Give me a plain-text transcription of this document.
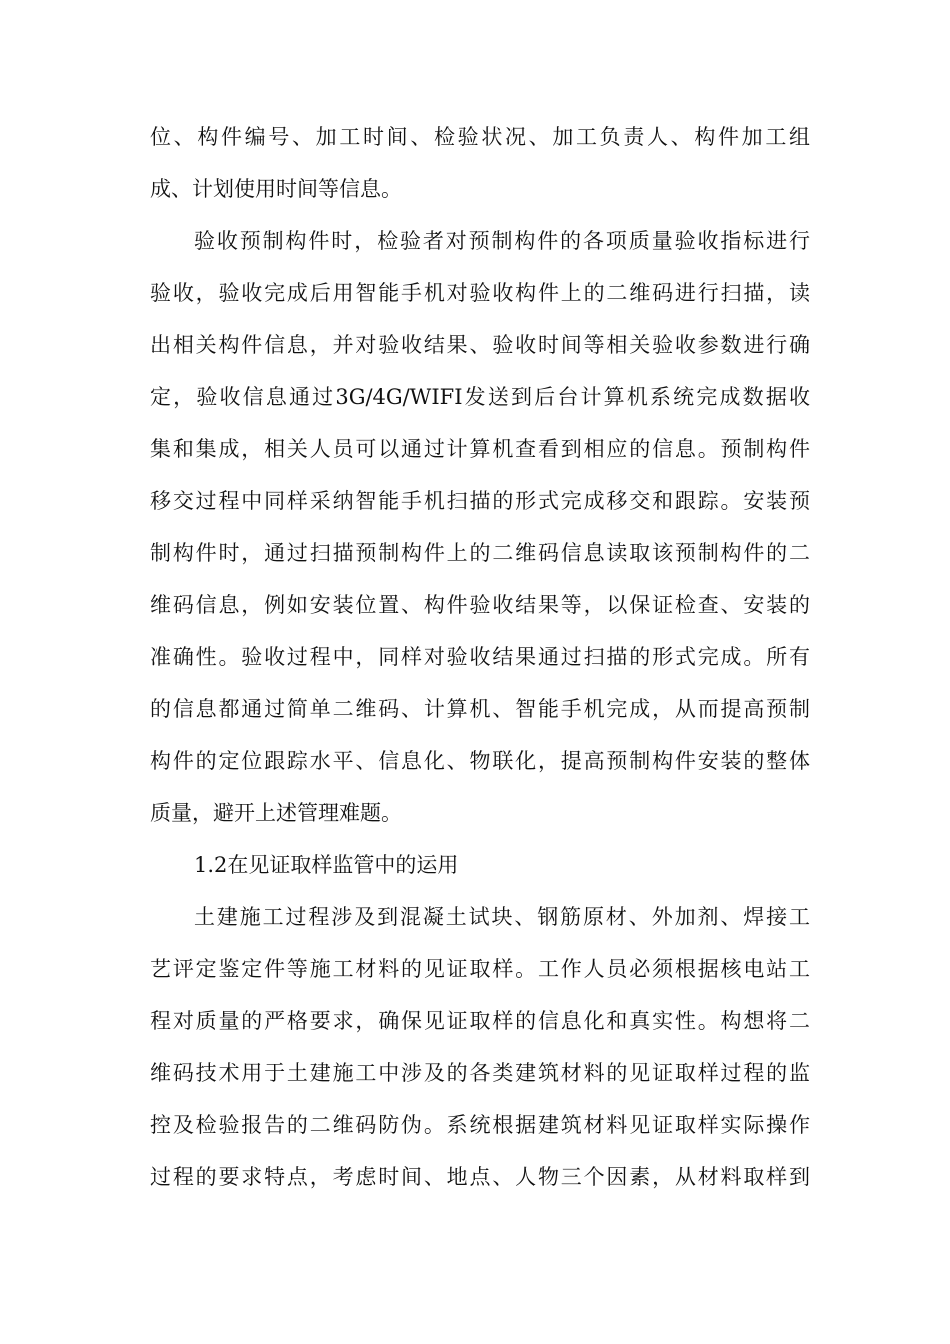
位、构件编号、加工时间、检验状况、加工负责人、构件加工组
成、计划使用时间等信息。
验收预制构件时，检验者对预制构件的各项质量验收指标进行
验收，验收完成后用智能手机对验收构件上的二维码进行扫描，读
出相关构件信息，并对验收结果、验收时间等相关验收参数进行确
定，验收信息通过3G/4G/WIFI发送到后台计算机系统完成数据收
集和集成，相关人员可以通过计算机查看到相应的信息。预制构件
移交过程中同样采纳智能手机扫描的形式完成移交和跟踪。安装预
制构件时，通过扫描预制构件上的二维码信息读取该预制构件的二
维码信息，例如安装位置、构件验收结果等，以保证检查、安装的
准确性。验收过程中，同样对验收结果通过扫描的形式完成。所有
的信息都通过简单二维码、计算机、智能手机完成，从而提高预制
构件的定位跟踪水平、信息化、物联化，提高预制构件安装的整体
质量，避开上述管理难题。
1.2在见证取样监管中的运用
土建施工过程涉及到混凝土试块、钢筋原材、外加剂、焊接工
艺评定鉴定件等施工材料的见证取样。工作人员必须根据核电站工
程对质量的严格要求，确保见证取样的信息化和真实性。构想将二
维码技术用于土建施工中涉及的各类建筑材料的见证取样过程的监
控及检验报告的二维码防伪。系统根据建筑材料见证取样实际操作
过程的要求特点，考虑时间、地点、人物三个因素，从材料取样到
